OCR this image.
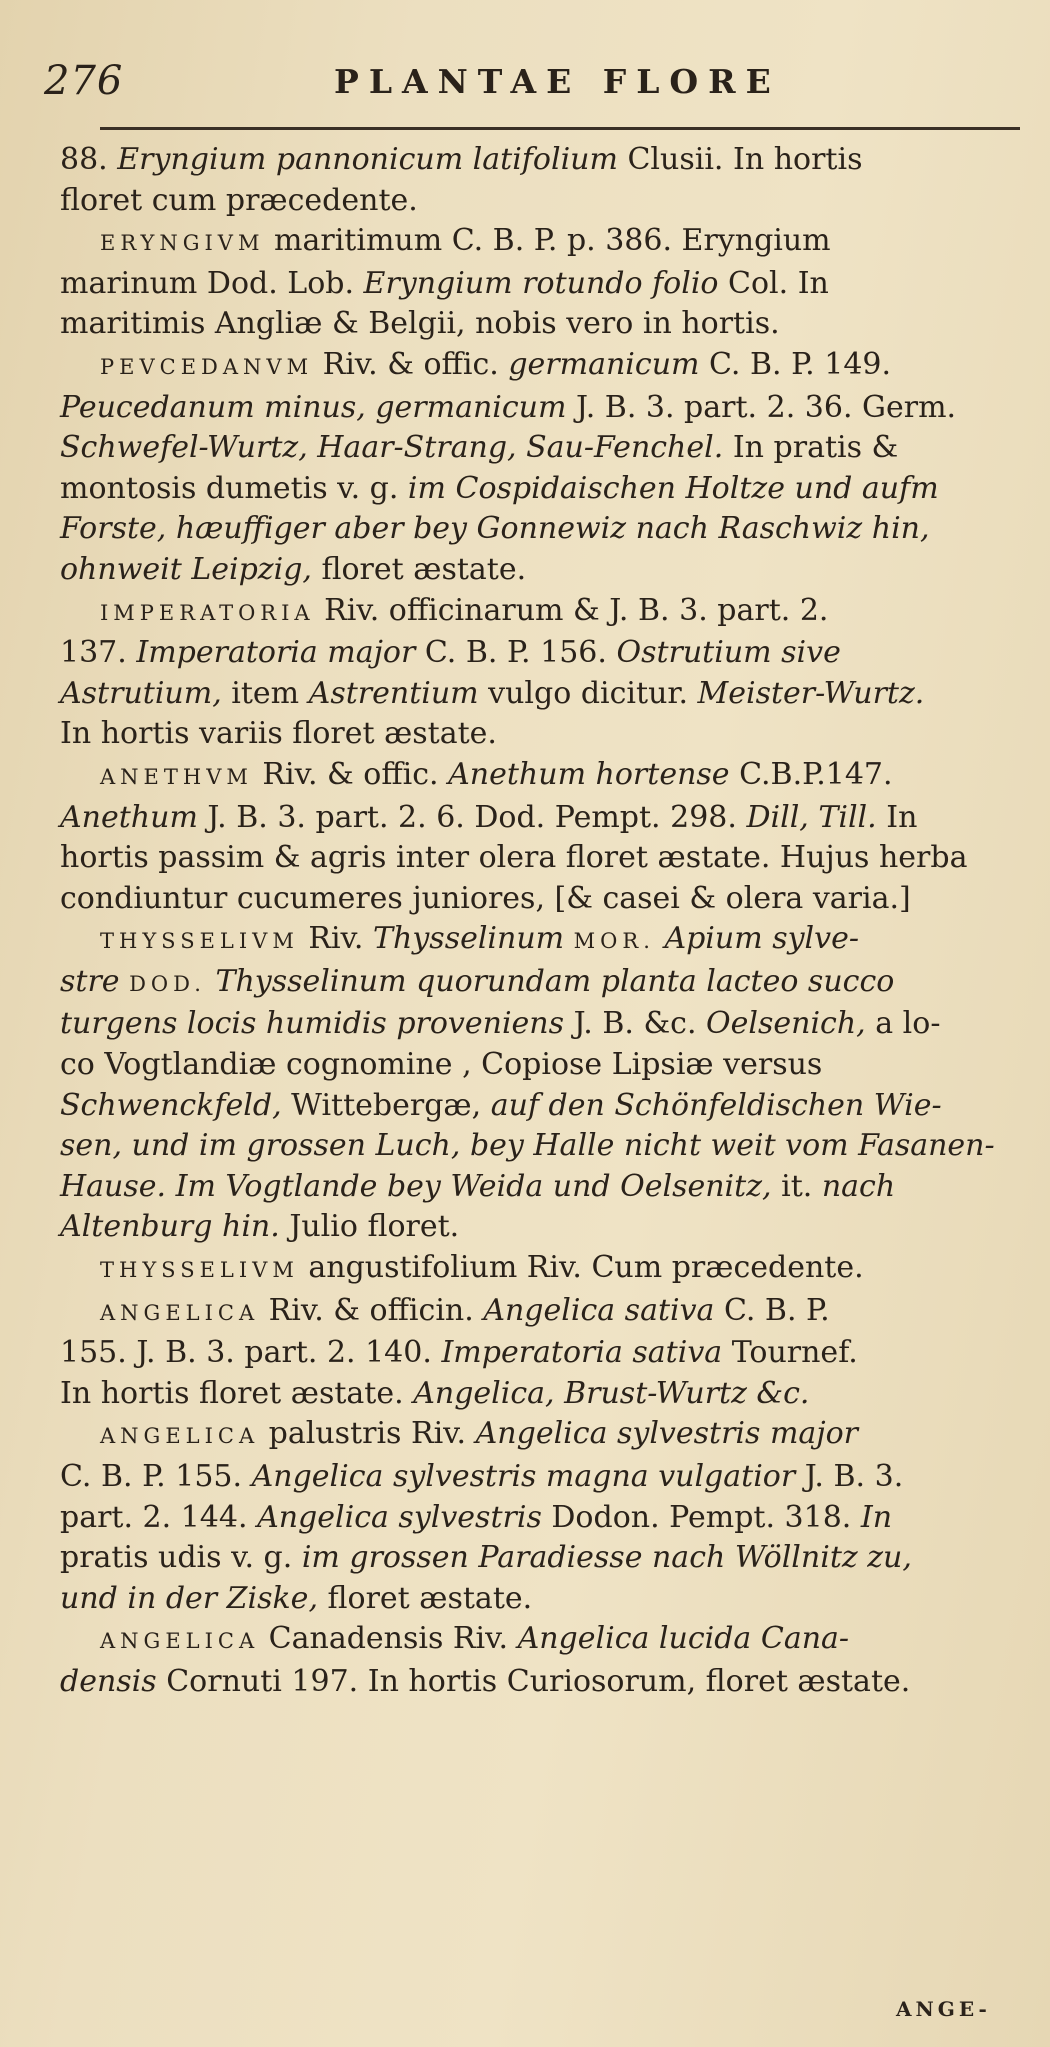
276	PLANTAE FLORE

88. Eryngium pannonicum latifolium Clusii. In hortis
floret cum præcedente.

ERYNGIVM maritimum C. B. P. p. 386. Eryngium
marinum Dod. Lob. Eryngium rotundo folio Col. In
maritimis Angliæ & Belgii, nobis vero in hortis.

PEVCEDANVM Riv. & offic. germanicum C. B. P. 149.
Peucedanum minus, germanicum J. B. 3. part. 2. 36. Germ.
Schwefel-Wurtz, Haar-Strang, Sau-Fenchel. In pratis &
montosis dumetis v. g. im Cospidaischen Holtze und aufm
Forste, hæuffiger aber bey Gonnewiz nach Raschwiz hin,
ohnweit Leipzig, floret æstate.

IMPERATORIA Riv. officinarum & J. B. 3. part. 2.
137. Imperatoria major C. B. P. 156. Ostrutium sive
Astrutium, item Astrentium vulgo dicitur. Meister-Wurtz.
In hortis variis floret æstate.

ANETHVM Riv. & offic. Anethum hortense C.B.P.147.
Anethum J. B. 3. part. 2. 6. Dod. Pempt. 298. Dill, Till. In
hortis passim & agris inter olera floret æstate. Hujus herba
condiuntur cucumeres juniores, [& casei & olera varia.]

THYSSELIVM Riv. Thysselinum MOR. Apium sylve-
stre DOD. Thysselinum quorundam planta lacteo succo
turgens locis humidis proveniens J. B. &c. Oelsenich, a lo-
co Vogtlandiæ cognomine , Copiose Lipsiæ versus
Schwenckfeld, Wittebergæ, auf den Schönfeldischen Wie-
sen, und im grossen Luch, bey Halle nicht weit vom Fasanen-
Hause. Im Vogtlande bey Weida und Oelsenitz, it. nach
Altenburg hin. Julio floret.

THYSSELIVM angustifolium Riv. Cum præcedente.

ANGELICA Riv. & officin. Angelica sativa C. B. P.
155. J. B. 3. part. 2. 140. Imperatoria sativa Tournef.
In hortis floret æstate. Angelica, Brust-Wurtz &c.

ANGELICA palustris Riv. Angelica sylvestris major
C. B. P. 155. Angelica sylvestris magna vulgatior J. B. 3.
part. 2. 144. Angelica sylvestris Dodon. Pempt. 318. In
pratis udis v. g. im grossen Paradiesse nach Wöllnitz zu,
und in der Ziske, floret æstate.

ANGELICA Canadensis Riv. Angelica lucida Cana-
densis Cornuti 197. In hortis Curiosorum, floret æstate.

ANGE-
